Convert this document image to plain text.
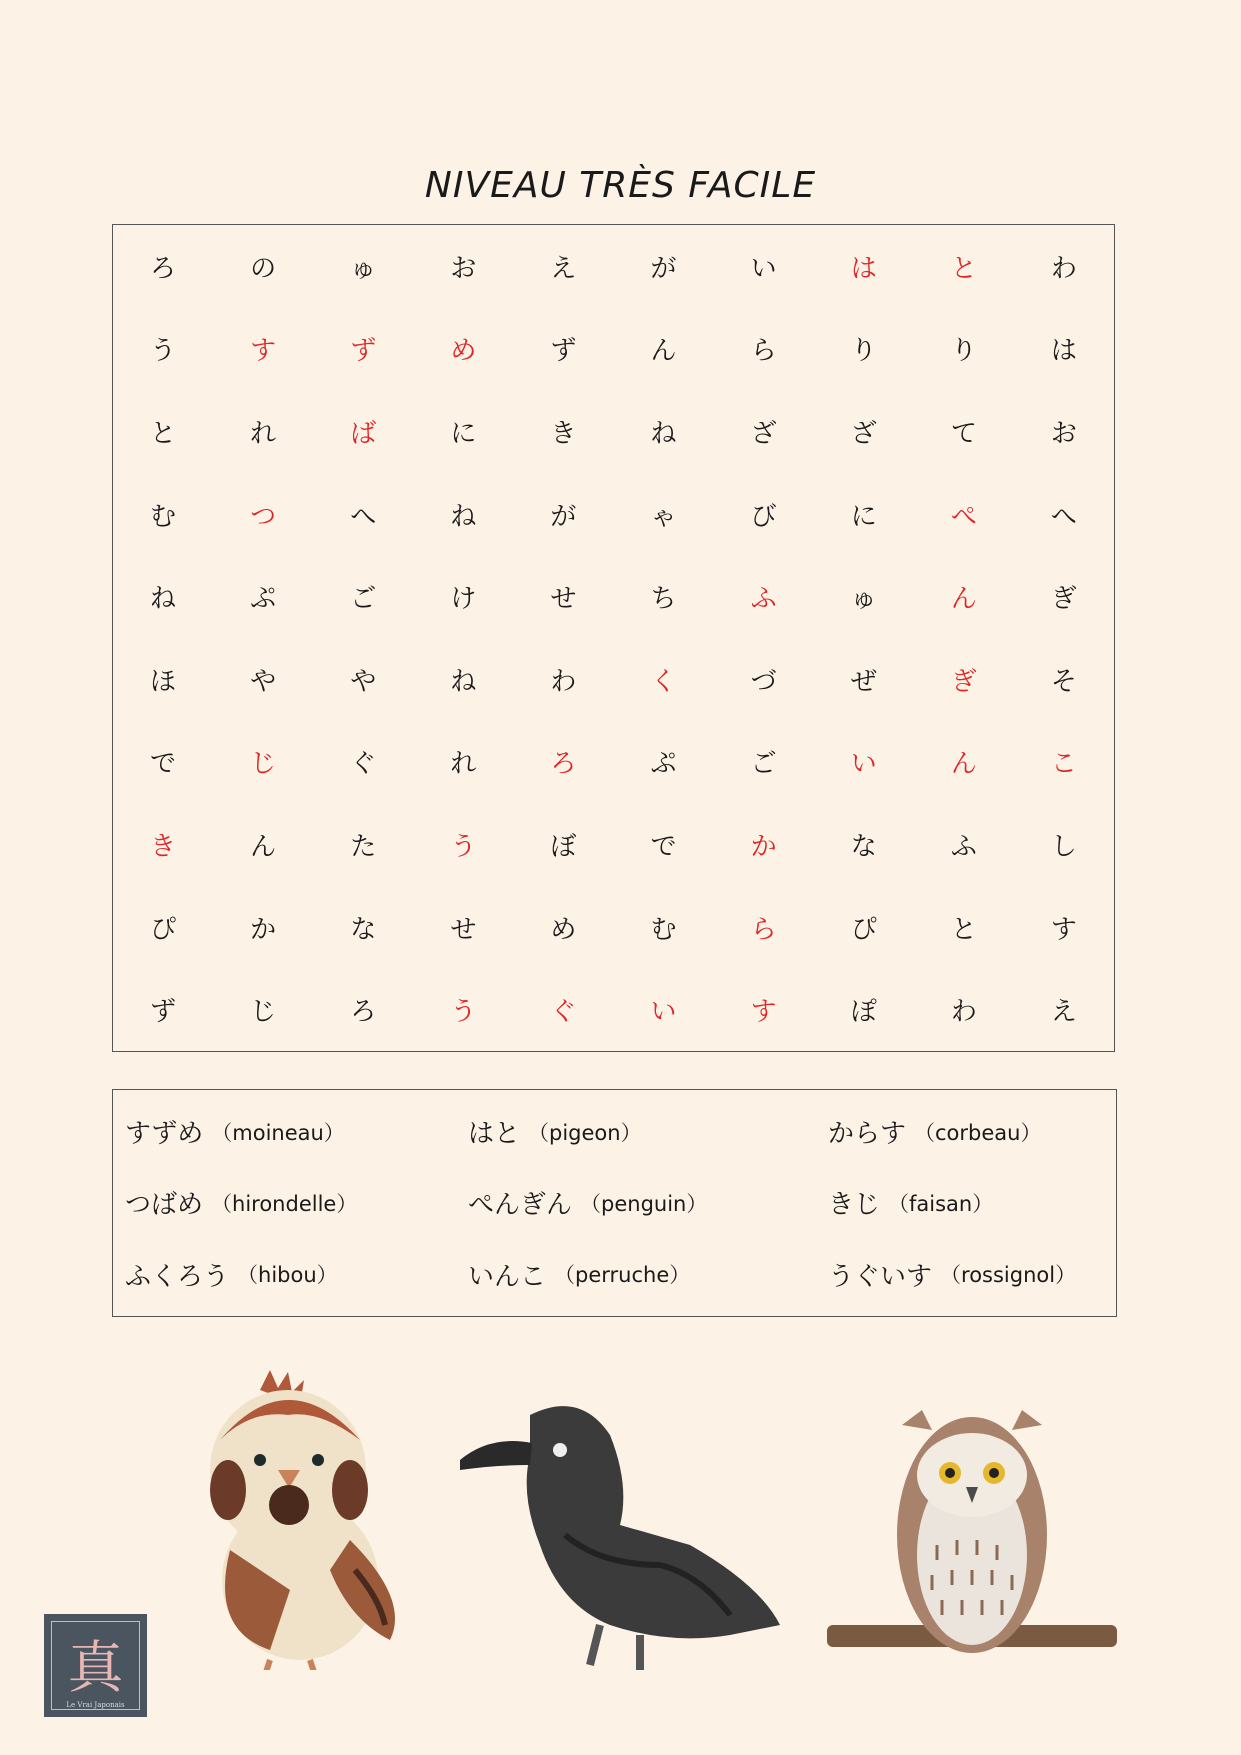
NIVEAU TRÈS FACILE
ろ	の	ゅ	お	え	が	い	は	と	わ
う	す	ず	め	ず	ん	ら	り	り	は
と	れ	ば	に	き	ね	ざ	ざ	て	お
む	つ	へ	ね	が	ゃ	び	に	ぺ	へ
ね	ぷ	ご	け	せ	ち	ふ	ゅ	ん	ぎ
ほ	や	や	ね	わ	く	づ	ぜ	ぎ	そ
で	じ	ぐ	れ	ろ	ぷ	ご	い	ん	こ
き	ん	た	う	ぼ	で	か	な	ふ	し
ぴ	か	な	せ	め	む	ら	ぴ	と	す
ず	じ	ろ	う	ぐ	い	す	ぽ	わ	え
すずめ （moineau）	はと （pigeon）	からす （corbeau）
つばめ （hirondelle）	ぺんぎん （penguin）	きじ （faisan）
ふくろう （hibou）	いんこ （perruche）	うぐいす （rossignol）
真
Le Vrai Japonais
